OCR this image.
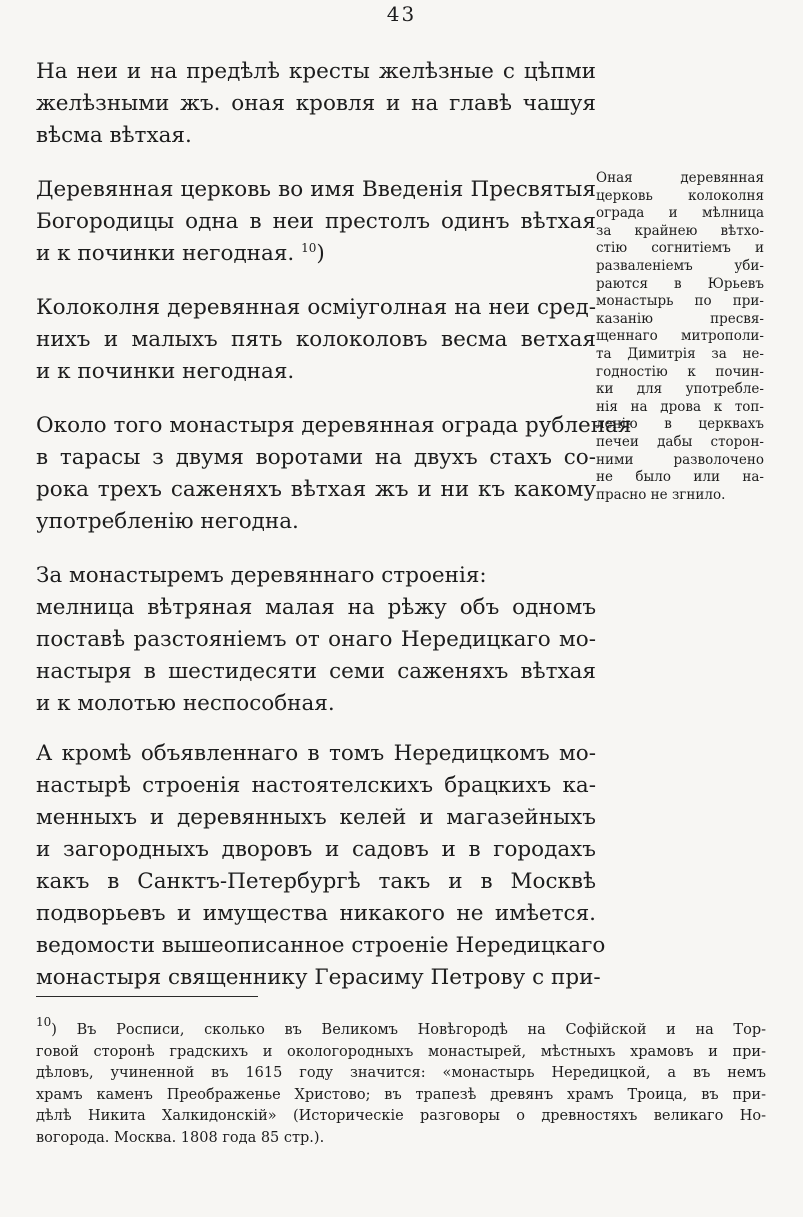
43

На неи и на предѣлѣ кресты желѣзные с цѣпми
желѣзными жъ. оная кровля и на главѣ чашуя
вѣсма вѣтхая.

Деревянная церковь во имя Введенія Пресвятыя
Богородицы одна в неи престолъ одинъ вѣтхая
и к починки негодная. $^{10}$)

Колоколня деревянная осміуголная на неи сред-
нихъ и малыхъ пять колоколовъ весма ветхая
и к починки негодная.

Около того монастыря деревянная ограда рубленая
в тарасы з двумя воротами на двухъ стахъ со-
рока трехъ саженяхъ вѣтхая жъ и ни къ какому
употребленію негодна.

За монастыремъ деревяннаго строенія:
мелница вѣтряная малая на рѣжу объ одномъ
поставѣ разстояніемъ от онаго Нередицкаго мо-
настыря в шестидесяти семи саженяхъ вѣтхая
и к молотью неспособная.

А кромѣ объявленнаго в томъ Нередицкомъ мо-
настырѣ строенія настоятелскихъ брацкихъ ка-
менныхъ и деревянныхъ келей и магазейныхъ
и загородныхъ дворовъ и садовъ и в городахъ
какъ в Санктъ-Петербургѣ такъ и в Москвѣ
подворьевъ и имущества никакого не имѣется.
ведомости вышеописанное строеніе Нередицкаго
монастыря священнику Герасиму Петрову с при-

Оная деревянная
церковь колоколня
ограда и мѣлница
за крайнею вѣтхо-
стію согнитіемъ и
разваленіемъ уби-
раются в Юрьевъ
монастырь по при-
казанію пресвя-
щеннаго митрополи-
та Димитрія за не-
годностію к почин-
ки для употребле-
нія на дрова к топ-
ленію в церквахъ
печеи дабы сторон-
ними разволочено
не было или на-
прасно не згнило.
$^{10}$) Въ Росписи, сколько въ Великомъ Новѣгородѣ на Софійской и на Тор-
говой сторонѣ градскихъ и окологородныхъ монастырей, мѣстныхъ храмовъ и при-
дѣловъ, учиненной въ 1615 году значится: «монастырь Нередицкой, а въ немъ
храмъ каменъ Преображенье Христово; въ трапезѣ древянъ храмъ Троица, въ при-
дѣлѣ Никита Халкидонскій» (Историческіе разговоры о древностяхъ великаго Но-
вогорода. Москва. 1808 года 85 стр.).
